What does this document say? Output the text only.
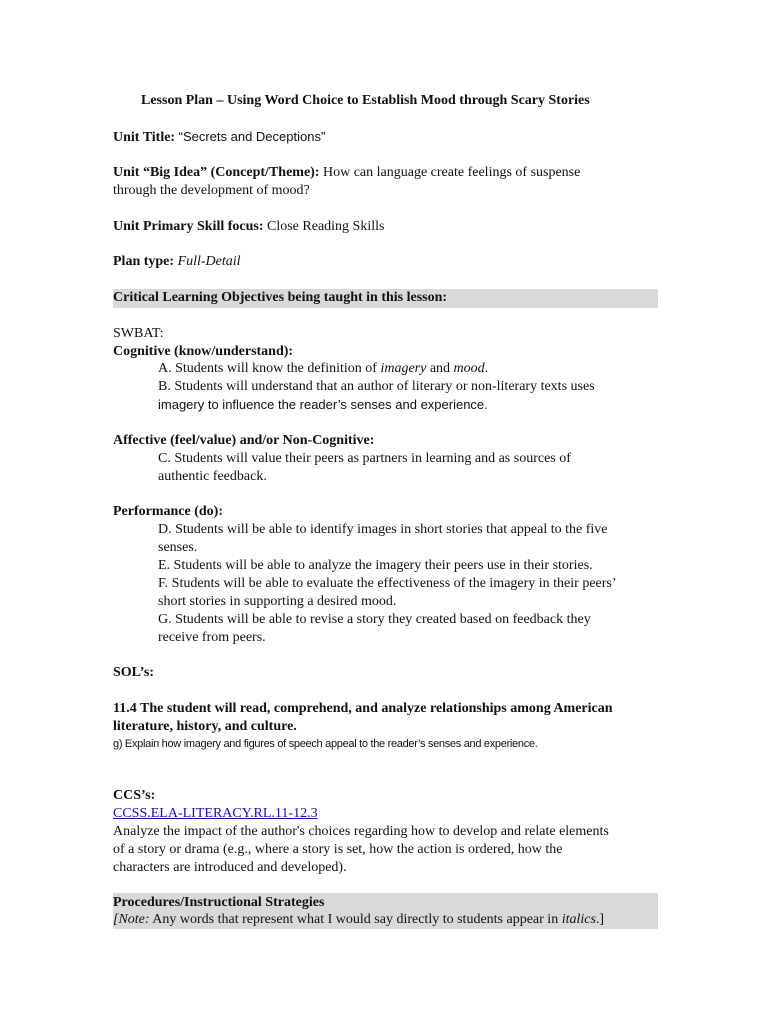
Lesson Plan – Using Word Choice to Establish Mood through Scary Stories
Unit Title: “Secrets and Deceptions”
Unit “Big Idea” (Concept/Theme): How can language create feelings of suspense
through the development of mood?
Unit Primary Skill focus: Close Reading Skills
Plan type: Full-Detail
Critical Learning Objectives being taught in this lesson:
SWBAT:
Cognitive (know/understand):
A. Students will know the definition of imagery and mood.
B. Students will understand that an author of literary or non-literary texts uses
imagery to influence the reader’s senses and experience.
Affective (feel/value) and/or Non-Cognitive:
C. Students will value their peers as partners in learning and as sources of
authentic feedback.
Performance (do):
D. Students will be able to identify images in short stories that appeal to the five
senses.
E. Students will be able to analyze the imagery their peers use in their stories.
F. Students will be able to evaluate the effectiveness of the imagery in their peers’
short stories in supporting a desired mood.
G. Students will be able to revise a story they created based on feedback they
receive from peers.
SOL’s:
11.4 The student will read, comprehend, and analyze relationships among American
literature, history, and culture.
g) Explain how imagery and figures of speech appeal to the reader’s senses and experience.
CCS’s:
CCSS.ELA-LITERACY.RL.11-12.3
Analyze the impact of the author's choices regarding how to develop and relate elements
of a story or drama (e.g., where a story is set, how the action is ordered, how the
characters are introduced and developed).
Procedures/Instructional Strategies
[Note: Any words that represent what I would say directly to students appear in italics.]
